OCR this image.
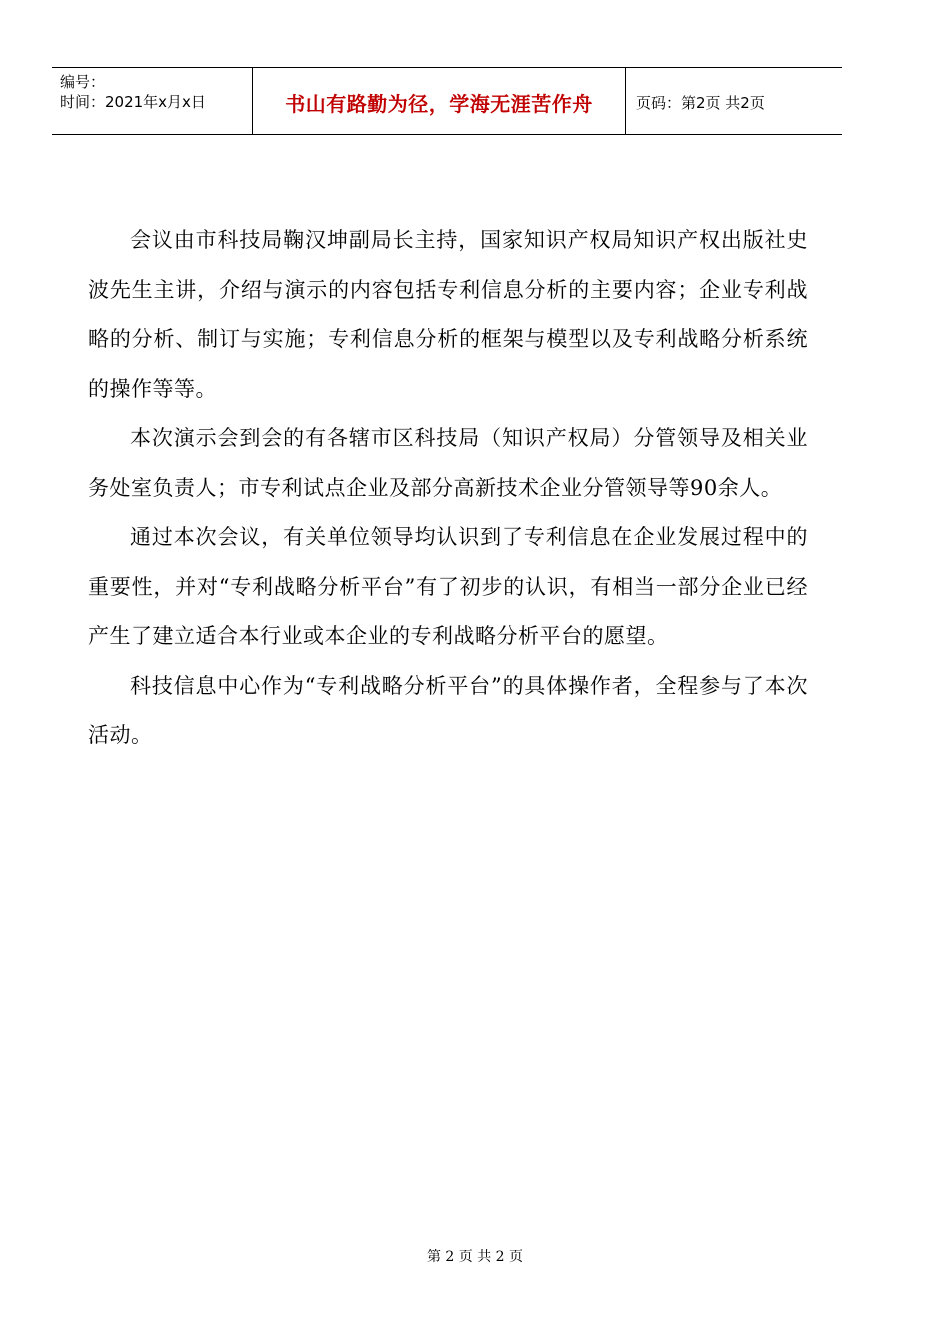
编号：
时间：2021年x月x日	书山有路勤为径，学海无涯苦作舟	页码：第2页 共2页

会议由市科技局鞠汉坤副局长主持，国家知识产权局知识产权出版社史波先生主讲，介绍与演示的内容包括专利信息分析的主要内容；企业专利战略的分析、制订与实施；专利信息分析的框架与模型以及专利战略分析系统的操作等等。

本次演示会到会的有各辖市区科技局（知识产权局）分管领导及相关业务处室负责人；市专利试点企业及部分高新技术企业分管领导等90余人。

通过本次会议，有关单位领导均认识到了专利信息在企业发展过程中的重要性，并对“专利战略分析平台”有了初步的认识，有相当一部分企业已经产生了建立适合本行业或本企业的专利战略分析平台的愿望。

科技信息中心作为“专利战略分析平台”的具体操作者，全程参与了本次活动。

第 2 页 共 2 页
